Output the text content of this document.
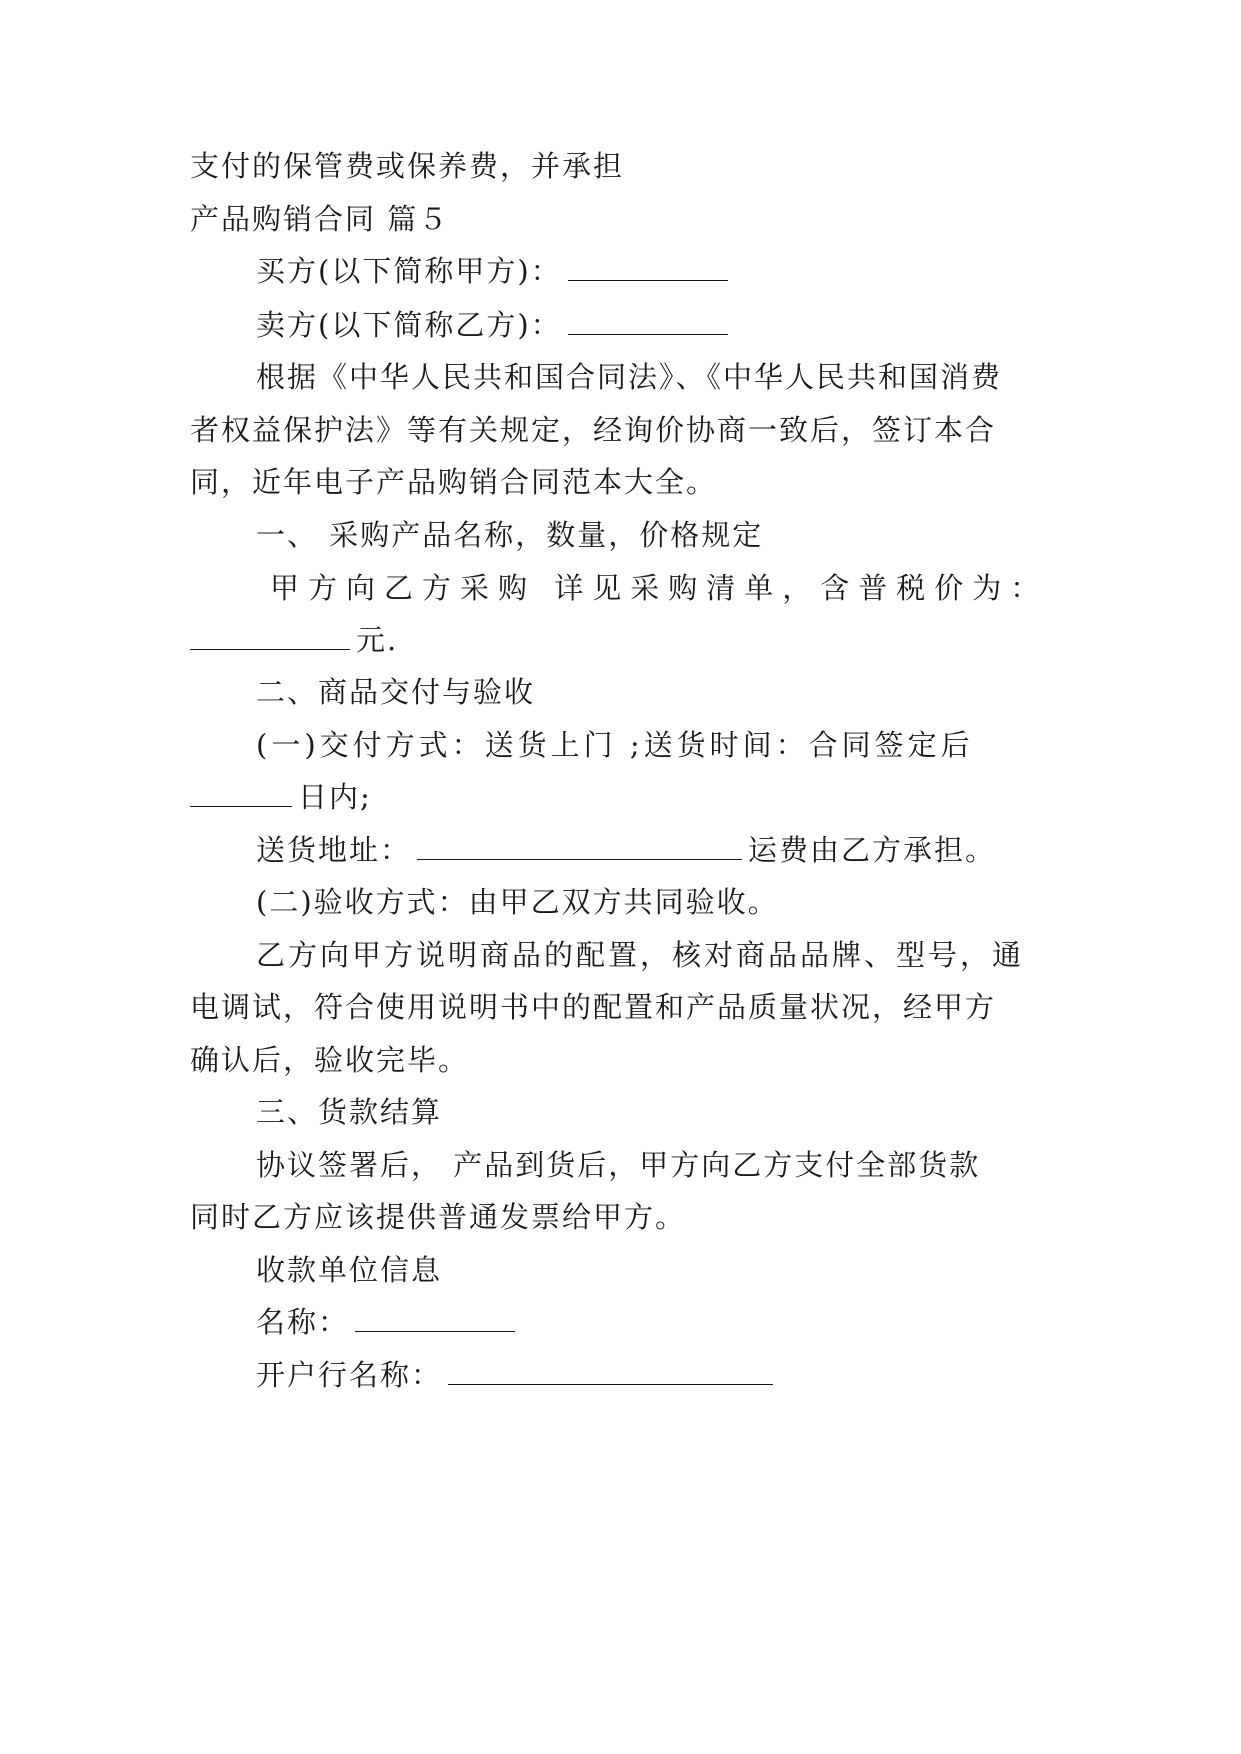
支付的保管费或保养费，并承担
产品购销合同 篇５
买方(以下简称甲方)：
卖方(以下简称乙方)：
根据《中华人民共和国合同法》、《中华人民共和国消费
者权益保护法》等有关规定，经询价协商一致后，签订本合
同，近年电子产品购销合同范本大全。
一、 采购产品名称，数量，价格规定
甲方向乙方采购 详见采购清单，含普税价为：
元.
二、商品交付与验收
(一)交付方式：送货上门 ;送货时间：合同签定后
日内;
送货地址：	运费由乙方承担。
(二)验收方式：由甲乙双方共同验收。
乙方向甲方说明商品的配置，核对商品品牌、型号，通
电调试，符合使用说明书中的配置和产品质量状况，经甲方
确认后，验收完毕。
三、货款结算
协议签署后， 产品到货后，甲方向乙方支付全部货款
同时乙方应该提供普通发票给甲方。
收款单位信息
名称：
开户行名称：
